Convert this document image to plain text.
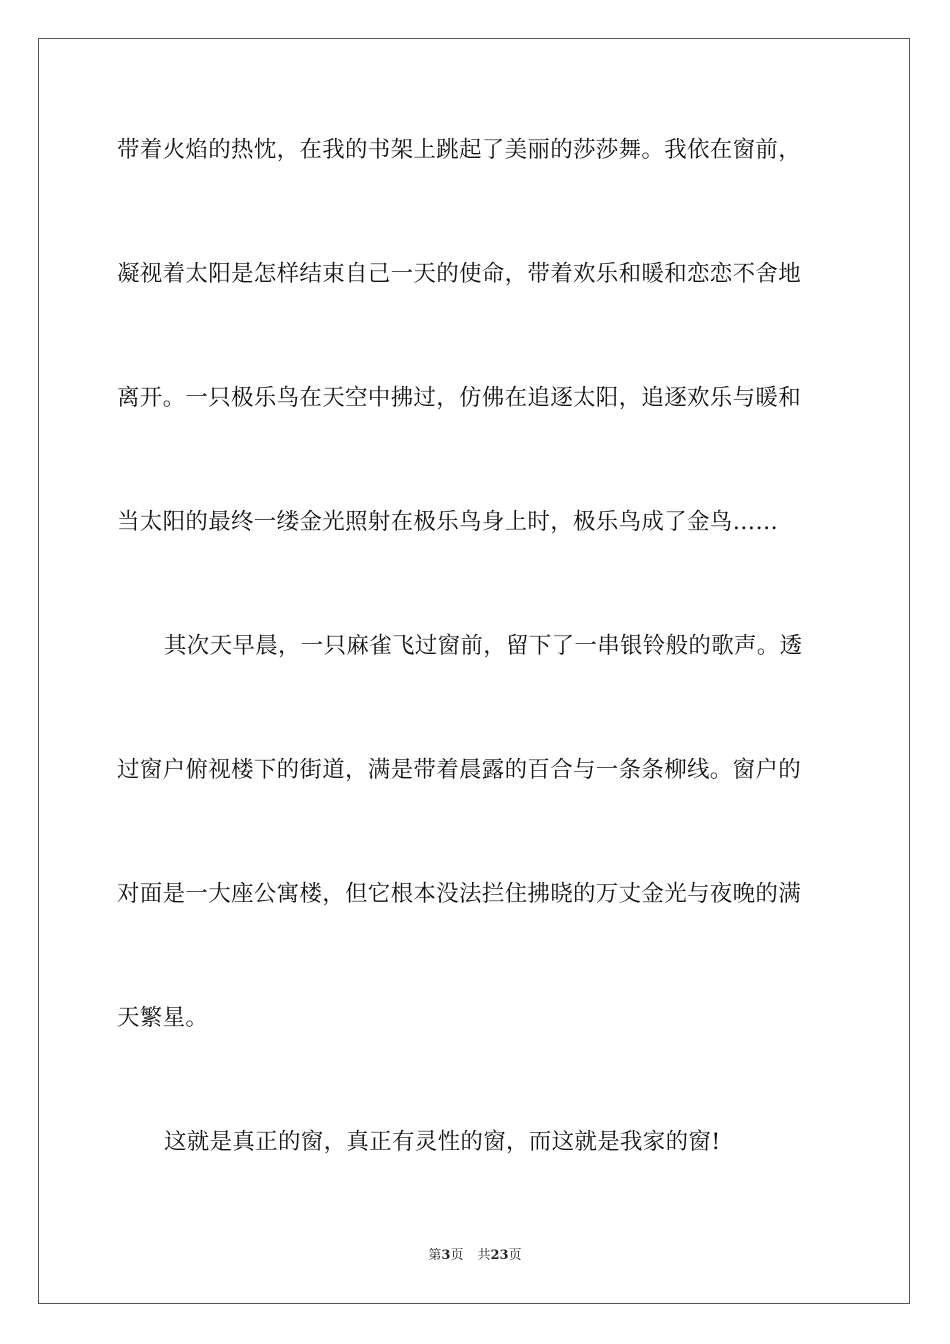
带着火焰的热忱，在我的书架上跳起了美丽的莎莎舞。我依在窗前，
凝视着太阳是怎样结束自己一天的使命，带着欢乐和暖和恋恋不舍地
离开。一只极乐鸟在天空中拂过，仿佛在追逐太阳，追逐欢乐与暖和
当太阳的最终一缕金光照射在极乐鸟身上时，极乐鸟成了金鸟……
其次天早晨，一只麻雀飞过窗前，留下了一串银铃般的歌声。透
过窗户俯视楼下的街道，满是带着晨露的百合与一条条柳线。窗户的
对面是一大座公寓楼，但它根本没法拦住拂晓的万丈金光与夜晚的满
天繁星。
这就是真正的窗，真正有灵性的窗，而这就是我家的窗!
第3页 共23页
